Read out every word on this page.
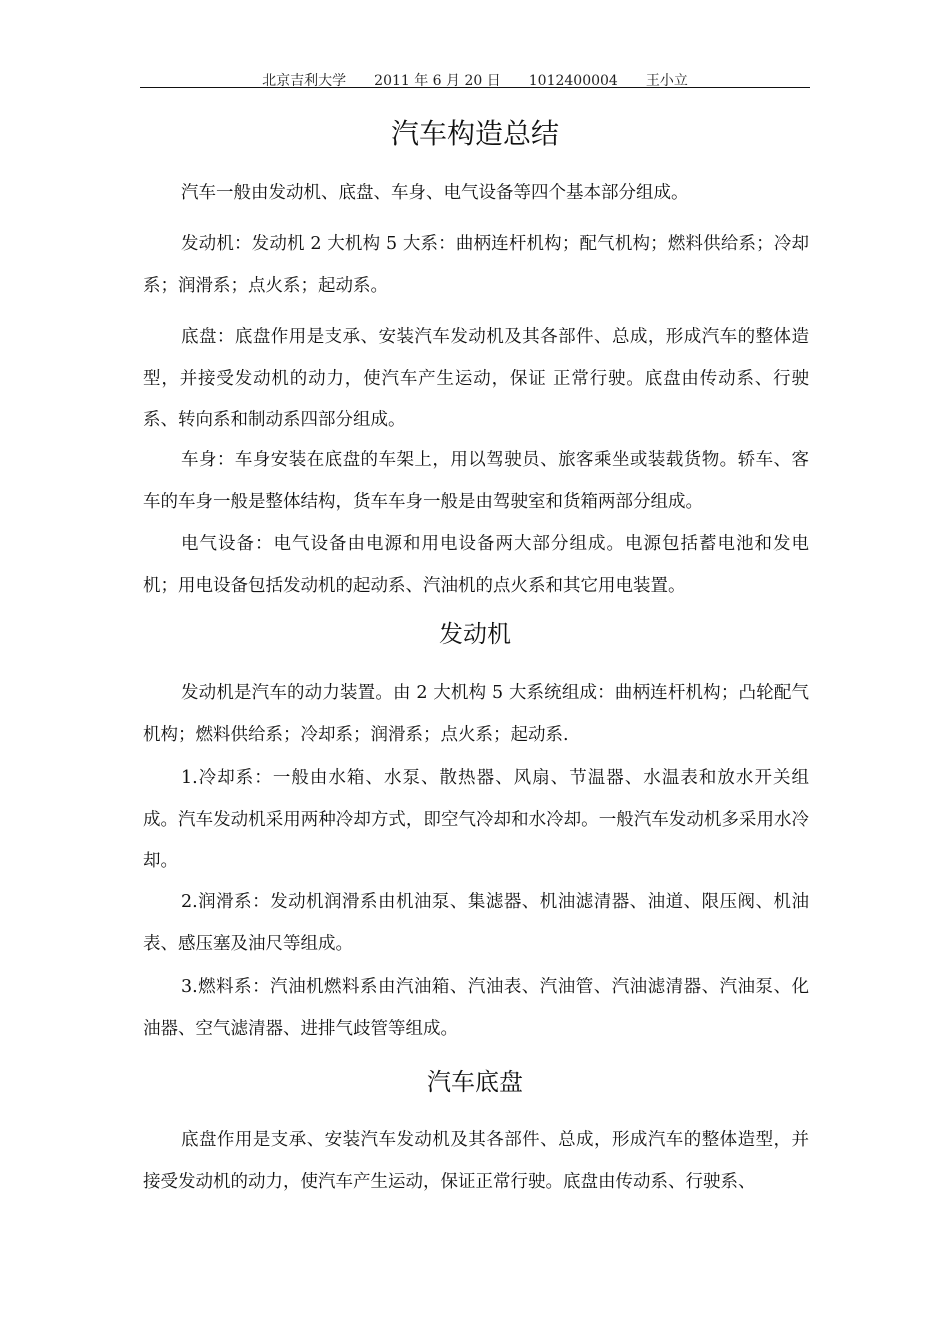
北京吉利大学 2011 年 6 月 20 日 1012400004 王小立
汽车构造总结

汽车一般由发动机、底盘、车身、电气设备等四个基本部分组成。

发动机：发动机 2 大机构 5 大系：曲柄连杆机构；配气机构；燃料供给系；冷却系；润滑系；点火系；起动系。

底盘：底盘作用是支承、安装汽车发动机及其各部件、总成，形成汽车的整体造型，并接受发动机的动力，使汽车产生运动，保证 正常行驶。底盘由传动系、行驶系、转向系和制动系四部分组成。

车身：车身安装在底盘的车架上，用以驾驶员、旅客乘坐或装载货物。轿车、客车的车身一般是整体结构，货车车身一般是由驾驶室和货箱两部分组成。

电气设备：电气设备由电源和用电设备两大部分组成。电源包括蓄电池和发电机；用电设备包括发动机的起动系、汽油机的点火系和其它用电装置。

发动机

发动机是汽车的动力装置。由 2 大机构 5 大系统组成：曲柄连杆机构；凸轮配气机构；燃料供给系；冷却系；润滑系；点火系；起动系.

1.冷却系：一般由水箱、水泵、散热器、风扇、节温器、水温表和放水开关组成。汽车发动机采用两种冷却方式，即空气冷却和水冷却。一般汽车发动机多采用水冷却。

2.润滑系：发动机润滑系由机油泵、集滤器、机油滤清器、油道、限压阀、机油表、感压塞及油尺等组成。

3.燃料系：汽油机燃料系由汽油箱、汽油表、汽油管、汽油滤清器、汽油泵、化油器、空气滤清器、进排气歧管等组成。

汽车底盘

底盘作用是支承、安装汽车发动机及其各部件、总成，形成汽车的整体造型，并接受发动机的动力，使汽车产生运动，保证正常行驶。底盘由传动系、行驶系、
